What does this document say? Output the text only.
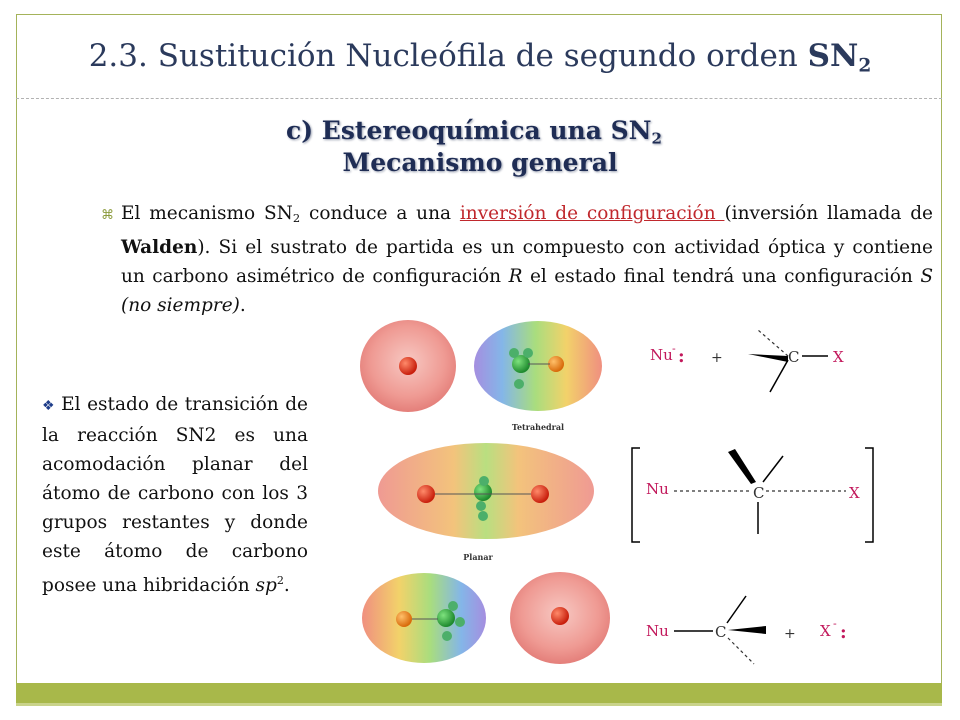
2.3. Sustitución Nucleófila de segundo orden $SN_2$
c) Estereoquímica una $SN_2$
Mecanismo general
⌘ El mecanismo $SN_2$ conduce a una inversión de configuración (inversión llamada de Walden). Si el sustrato de partida es un compuesto con actividad óptica y contiene un carbono asimétrico de configuración R el estado final tendrá una configuración S (no siempre).
❖ El estado de transición de la reacción SN2 es una acomodación planar del átomo de carbono con los 3 grupos restantes y donde este átomo de carbono posee una hibridación $sp^2$.
Tetrahedral
Planar
Nu - : +	C X
Nu	C	X
Nu	C	+ X - :
